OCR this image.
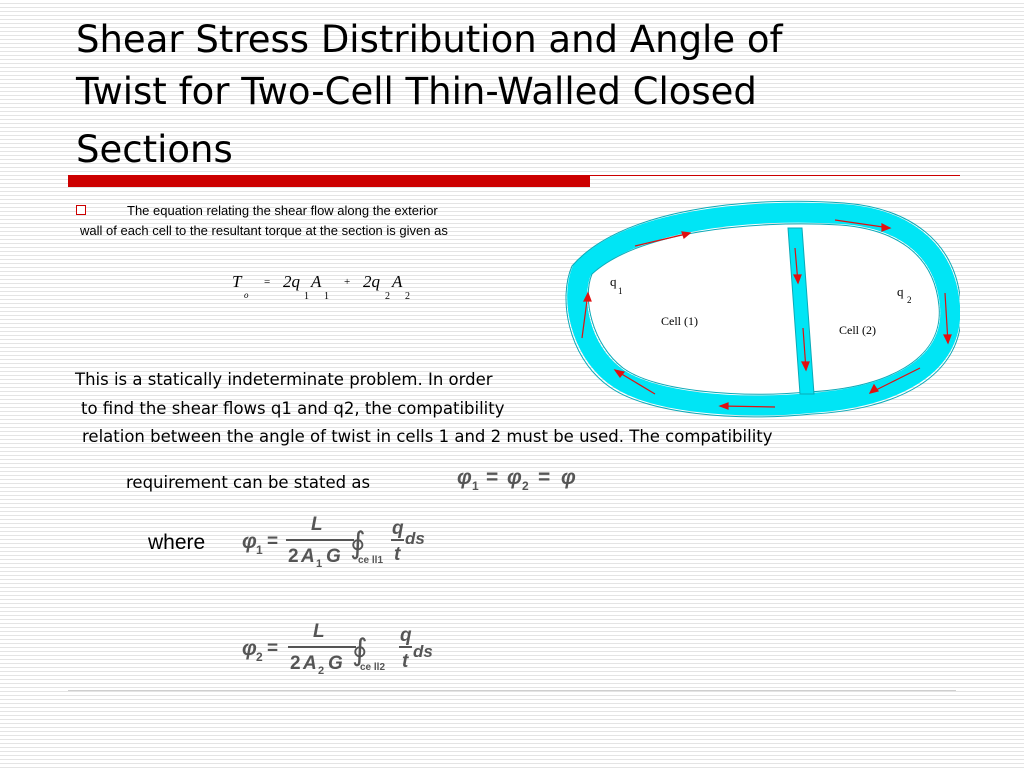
Shear Stress Distribution and Angle of
Twist for Two-Cell Thin-Walled Closed
Sections
The equation relating the shear flow along the exterior
wall of each cell to the resultant torque at the section is given as
T
o
= 2q
1
A
1
+ 2q
2
A
2
q
1	q
2
Cell (1)
Cell (2)
This is a statically indeterminate problem. In order
to find the shear flows q1 and q2, the compatibility
relation between the angle of twist in cells 1 and 2 must be used. The compatibility
requirement can be stated as	φ 1 = φ 2 = φ
where φ 1 =
L
2 A 1 G ∮
ce ll1
q
t
ds
φ 2 =
L
2 A 2 G ∮
ce ll2
q
t ds
